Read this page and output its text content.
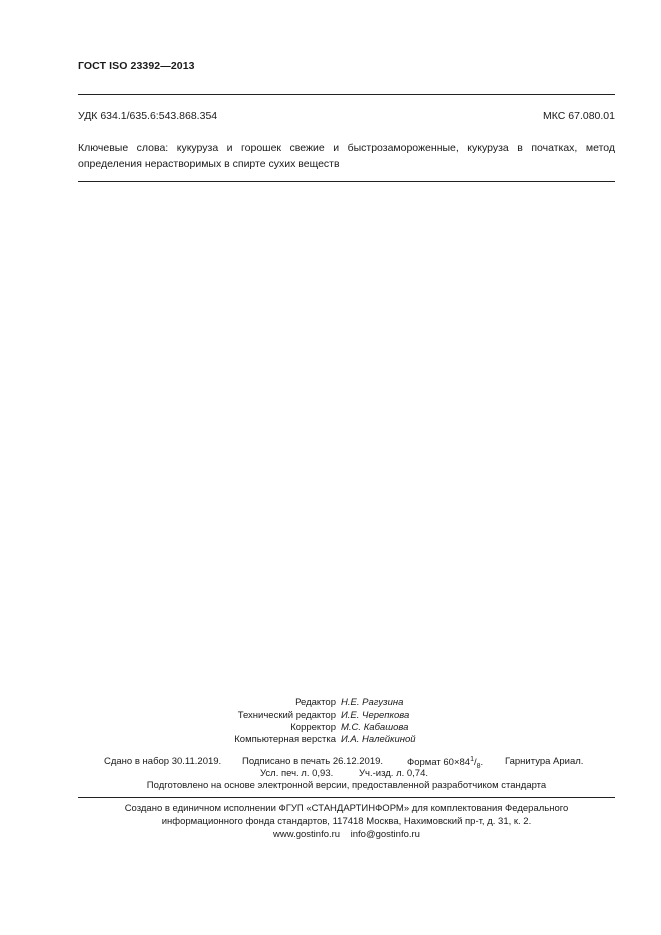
ГОСТ ISO 23392—2013
УДК 634.1/635.6:543.868.354	МКС 67.080.01
Ключевые слова: кукуруза и горошек свежие и быстрозамороженные, кукуруза в початках, метод определения нерастворимых в спирте сухих веществ
Редактор Н.Е. Рагузина
Технический редактор И.Е. Черепкова
Корректор М.С. Кабашова
Компьютерная верстка И.А. Налейкиной
Сдано в набор 30.11.2019. Подписано в печать 26.12.2019.	Формат $60\times 84^1/_8$. Гарнитура Ариал.
Усл. печ. л. 0,93.	Уч.-изд. л. 0,74.
Подготовлено на основе электронной версии, предоставленной разработчиком стандарта
Создано в единичном исполнении ФГУП «СТАНДАРТИНФОРМ» для комплектования Федерального
информационного фонда стандартов, 117418 Москва, Нахимовский пр-т, д. 31, к. 2.
www.gostinfo.ru info@gostinfo.ru
